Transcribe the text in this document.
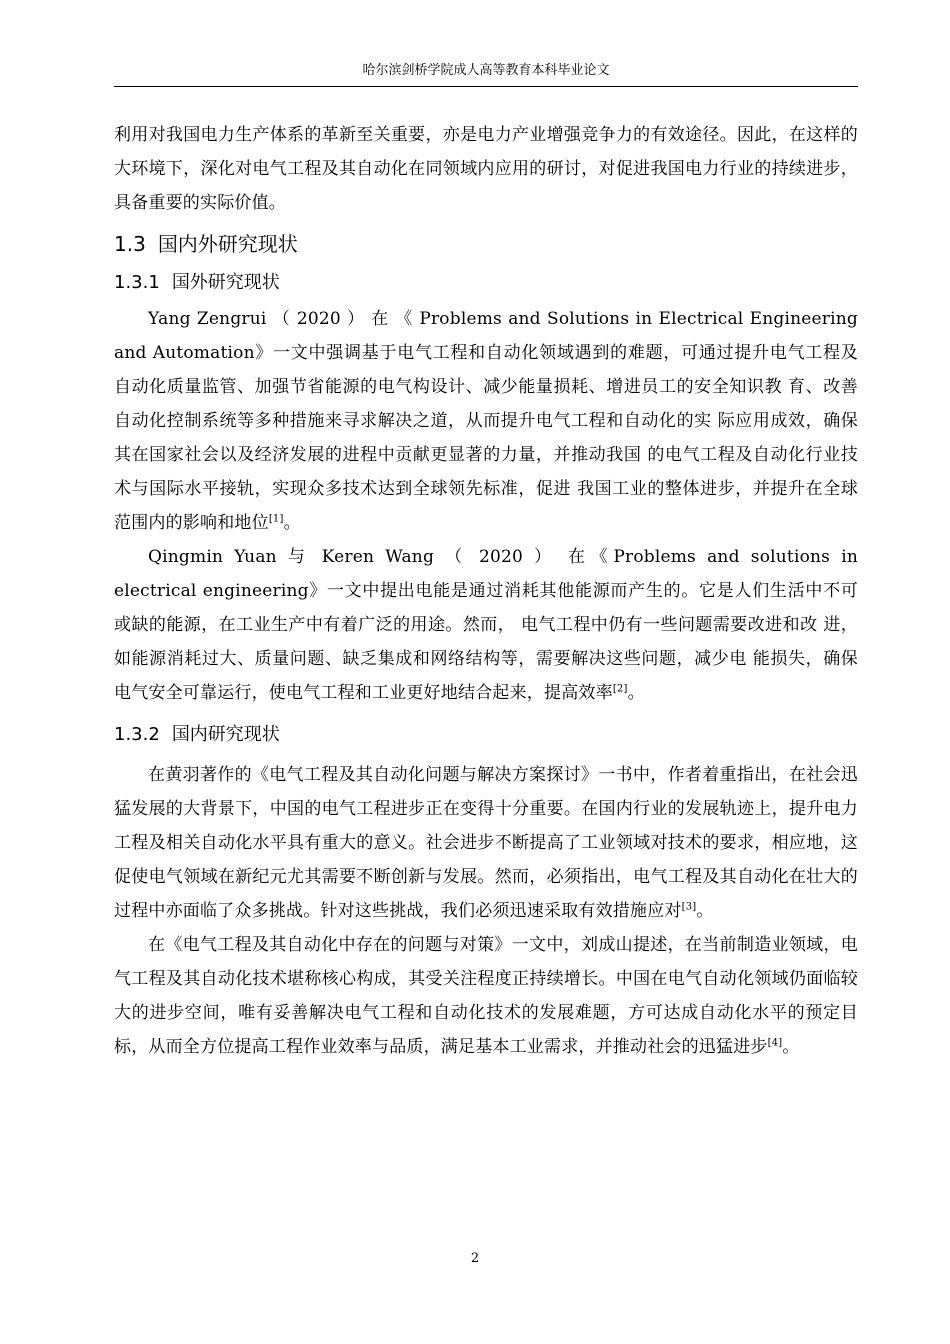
哈尔滨剑桥学院成人高等教育本科毕业论文

利用对我国电力生产体系的革新至关重要，亦是电力产业增强竞争力的有效途径。因此，在这样的大环境下，深化对电气工程及其自动化在同领域内应用的研讨，对促进我国电力行业的持续进步，具备重要的实际价值。

1.3 国内外研究现状
1.3.1 国外研究现状

Yang Zengrui （ 2020 ） 在 《 Problems and Solutions in Electrical Engineering and Automation》一文中强调基于电气工程和自动化领域遇到的难题，可通过提升电气工程及 自动化质量监管、加强节省能源的电气构设计、减少能量损耗、增进员工的安全知识教 育、改善自动化控制系统等多种措施来寻求解决之道，从而提升电气工程和自动化的实 际应用成效，确保其在国家社会以及经济发展的进程中贡献更显著的力量，并推动我国 的电气工程及自动化行业技术与国际水平接轨，实现众多技术达到全球领先标准，促进 我国工业的整体进步，并提升在全球范围内的影响和地位[1]。

Qingmin Yuan 与 Keren Wang （ 2020 ） 在《Problems and solutions in electrical engineering》一文中提出电能是通过消耗其他能源而产生的。它是人们生活中不可或缺的能源，在工业生产中有着广泛的用途。然而， 电气工程中仍有一些问题需要改进和改 进，如能源消耗过大、质量问题、缺乏集成和网络结构等，需要解决这些问题，减少电 能损失，确保电气安全可靠运行，使电气工程和工业更好地结合起来，提高效率[2]。

1.3.2 国内研究现状

在黄羽著作的《电气工程及其自动化问题与解决方案探讨》一书中，作者着重指出，在社会迅猛发展的大背景下，中国的电气工程进步正在变得十分重要。在国内行业的发展轨迹上，提升电力工程及相关自动化水平具有重大的意义。社会进步不断提高了工业领域对技术的要求，相应地，这促使电气领域在新纪元尤其需要不断创新与发展。然而，必须指出，电气工程及其自动化在壮大的过程中亦面临了众多挑战。针对这些挑战，我们必须迅速采取有效措施应对[3]。

在《电气工程及其自动化中存在的问题与对策》一文中，刘成山提述，在当前制造业领域，电气工程及其自动化技术堪称核心构成，其受关注程度正持续增长。中国在电气自动化领域仍面临较大的进步空间，唯有妥善解决电气工程和自动化技术的发展难题，方可达成自动化水平的预定目标，从而全方位提高工程作业效率与品质，满足基本工业需求，并推动社会的迅猛进步[4]。

2
